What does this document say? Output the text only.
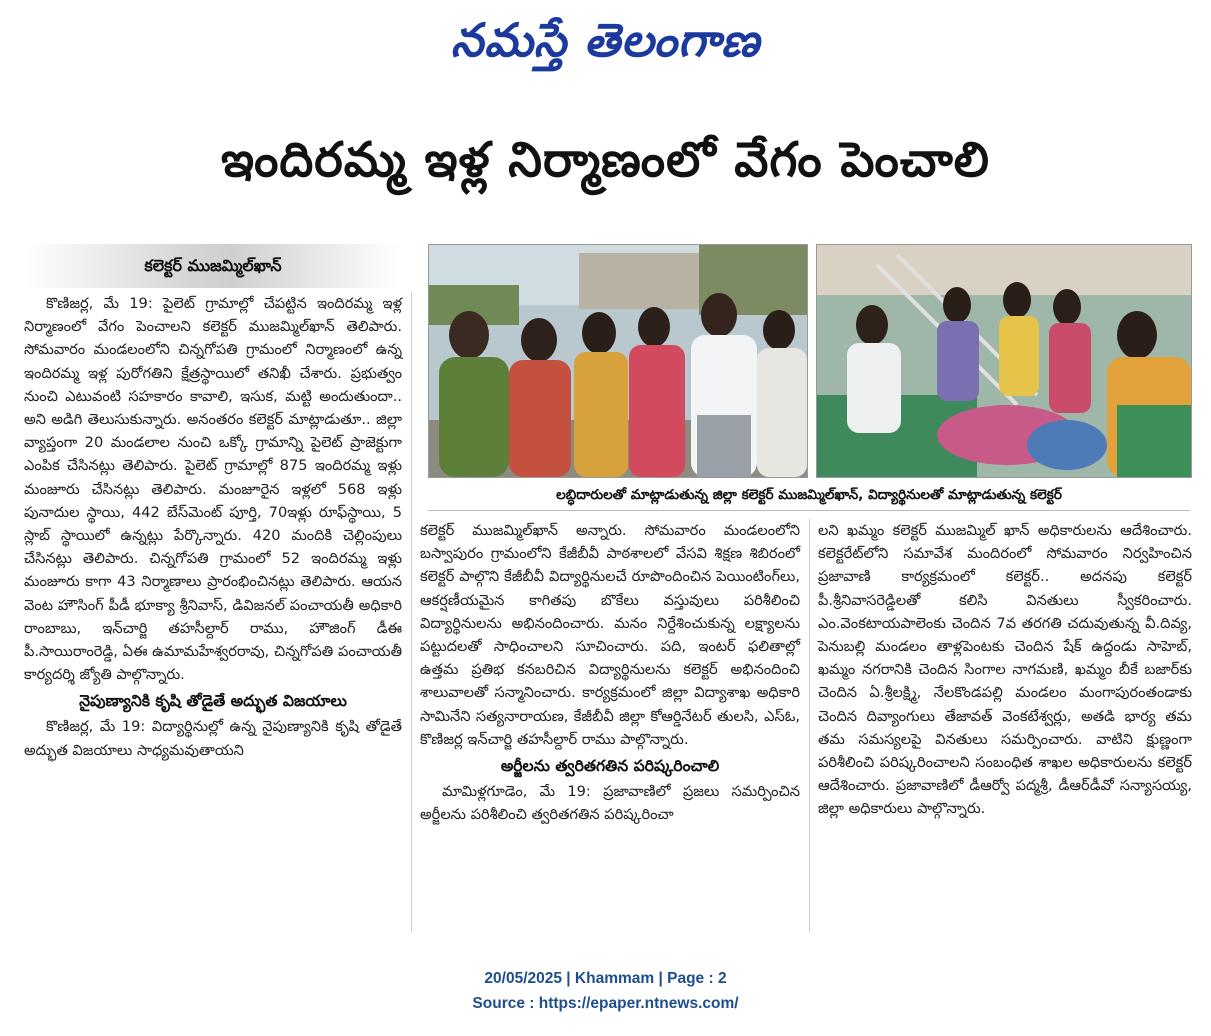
నమస్తే తెలంగాణ
ఇందిరమ్మ ఇళ్ల నిర్మాణంలో వేగం పెంచాలి
కలెక్టర్ ముజమ్మిల్‌ఖాన్

కొణిజర్ల, మే 19: పైలెట్ గ్రామాల్లో చేపట్టిన ఇందిరమ్మ ఇళ్ల నిర్మాణంలో వేగం పెంచాలని కలెక్టర్ ముజమ్మిల్‌ఖాన్ తెలిపారు. సోమవారం మండలంలోని చిన్నగోపతి గ్రామంలో నిర్మాణంలో ఉన్న ఇందిరమ్మ ఇళ్ల పురోగతిని క్షేత్రస్థాయిలో తనిఖీ చేశారు. ప్రభుత్వం నుంచి ఎటువంటి సహకారం కావాలి, ఇసుక, మట్టి అందుతుందా.. అని అడిగి తెలుసుకున్నారు. అనంతరం కలెక్టర్ మాట్లాడుతూ.. జిల్లా వ్యాప్తంగా 20 మండలాల నుంచి ఒక్కో గ్రామాన్ని పైలెట్ ప్రాజెక్టుగా ఎంపిక చేసినట్లు తెలిపారు. పైలెట్ గ్రామాల్లో 875 ఇందిరమ్మ ఇళ్లు మంజూరు చేసినట్లు తెలిపారు. మంజూరైన ఇళ్లలో 568 ఇళ్లు పునాదుల స్థాయి, 442 బేస్‌మెంట్ పూర్తి, 70ఇళ్లు రూఫ్‌స్థాయి, 5 స్లాబ్ స్థాయిలో ఉన్నట్లు పేర్కొన్నారు. 420 మందికి చెల్లింపులు చేసినట్లు తెలిపారు. చిన్నగోపతి గ్రామంలో 52 ఇందిరమ్మ ఇళ్లు మంజూరు కాగా 43 నిర్మాణాలు ప్రారంభించినట్లు తెలిపారు. ఆయన వెంట హౌసింగ్ పీడీ భూక్యా శ్రీనివాస్, డివిజనల్ పంచాయతీ అధికారి రాంబాబు, ఇన్‌చార్జి తహసీల్దార్ రాము, హౌజింగ్ డీఈ పీ.సాయిరాంరెడ్డి, ఏఈ ఉమామహేశ్వరరావు, చిన్నగోపతి పంచాయతీ కార్యదర్శి జ్యోతి పాల్గొన్నారు.

నైపుణ్యానికి కృషి తోడైతే అద్భుత విజయాలు

కొణిజర్ల, మే 19: విద్యార్థినుల్లో ఉన్న నైపుణ్యానికి కృషి తోడైతే అద్భుత విజయాలు సాధ్యమవుతాయని

లబ్ధిదారులతో మాట్లాడుతున్న జిల్లా కలెక్టర్ ముజమ్మిల్‌ఖాన్, విద్యార్థినులతో మాట్లాడుతున్న కలెక్టర్

కలెక్టర్ ముజమ్మిల్‌ఖాన్ అన్నారు. సోమవారం మండలంలోని బస్వాపురం గ్రామంలోని కేజీబీవీ పాఠశాలలో వేసవి శిక్షణ శిబిరంలో కలెక్టర్ పాల్గొని కేజీబీవీ విద్యార్థినులచే రూపొందించిన పెయింటింగ్‌లు, ఆకర్షణీయమైన కాగితపు బొకేలు వస్తువులు పరిశీలించి విద్యార్థినులను అభినందించారు. మనం నిర్దేశించుకున్న లక్ష్యాలను పట్టుదలతో సాధించాలని సూచించారు. పది, ఇంటర్ ఫలితాల్లో ఉత్తమ ప్రతిభ కనబరిచిన విద్యార్థినులను కలెక్టర్ అభినందించి శాలువాలతో సన్మానించారు. కార్యక్రమంలో జిల్లా విద్యాశాఖ అధికారి సామినేని సత్యనారాయణ, కేజీబీవీ జిల్లా కోఆర్డినేటర్ తులసి, ఎస్‌ఓ, కొణిజర్ల ఇన్‌చార్జి తహసీల్దార్ రాము పాల్గొన్నారు.

అర్జీలను త్వరితగతిన పరిష్కరించాలి

మామిళ్లగూడెం, మే 19: ప్రజావాణిలో ప్రజలు సమర్పించిన అర్జీలను పరిశీలించి త్వరితగతిన పరిష్కరించా

లని ఖమ్మం కలెక్టర్ ముజమ్మిల్ ఖాన్ అధికారులను ఆదేశించారు. కలెక్టరేట్‌లోని సమావేశ మందిరంలో సోమవారం నిర్వహించిన ప్రజావాణి కార్యక్రమంలో కలెక్టర్.. అదనపు కలెక్టర్ పీ.శ్రీనివాసరెడ్డిలతో కలిసి వినతులు స్వీకరించారు. ఎం.వెంకటాయపాలెంకు చెందిన 7వ తరగతి చదువుతున్న వీ.దివ్య, పెనుబల్లి మండలం తాళ్లపెంటకు చెందిన షేక్ ఉద్దండు సాహెబ్, ఖమ్మం నగరానికి చెందిన సింగాల నాగమణి, ఖమ్మం బీకే బజార్‌కు చెందిన ఏ.శ్రీలక్ష్మి, నేలకొండపల్లి మండలం మంగాపురంతండాకు చెందిన దివ్యాంగులు తేజావత్ వెంకటేశ్వర్లు, అతడి భార్య తమ తమ సమస్యలపై వినతులు సమర్పించారు. వాటిని క్షుణ్ణంగా పరిశీలించి పరిష్కరించాలని సంబంధిత శాఖల అధికారులను కలెక్టర్ ఆదేశించారు. ప్రజావాణిలో డీఆర్వో పద్మశ్రీ, డీఆర్‌డీవో సన్యాసయ్య, జిల్లా అధికారులు పాల్గొన్నారు.

20/05/2025 | Khammam | Page : 2
Source : https://epaper.ntnews.com/
